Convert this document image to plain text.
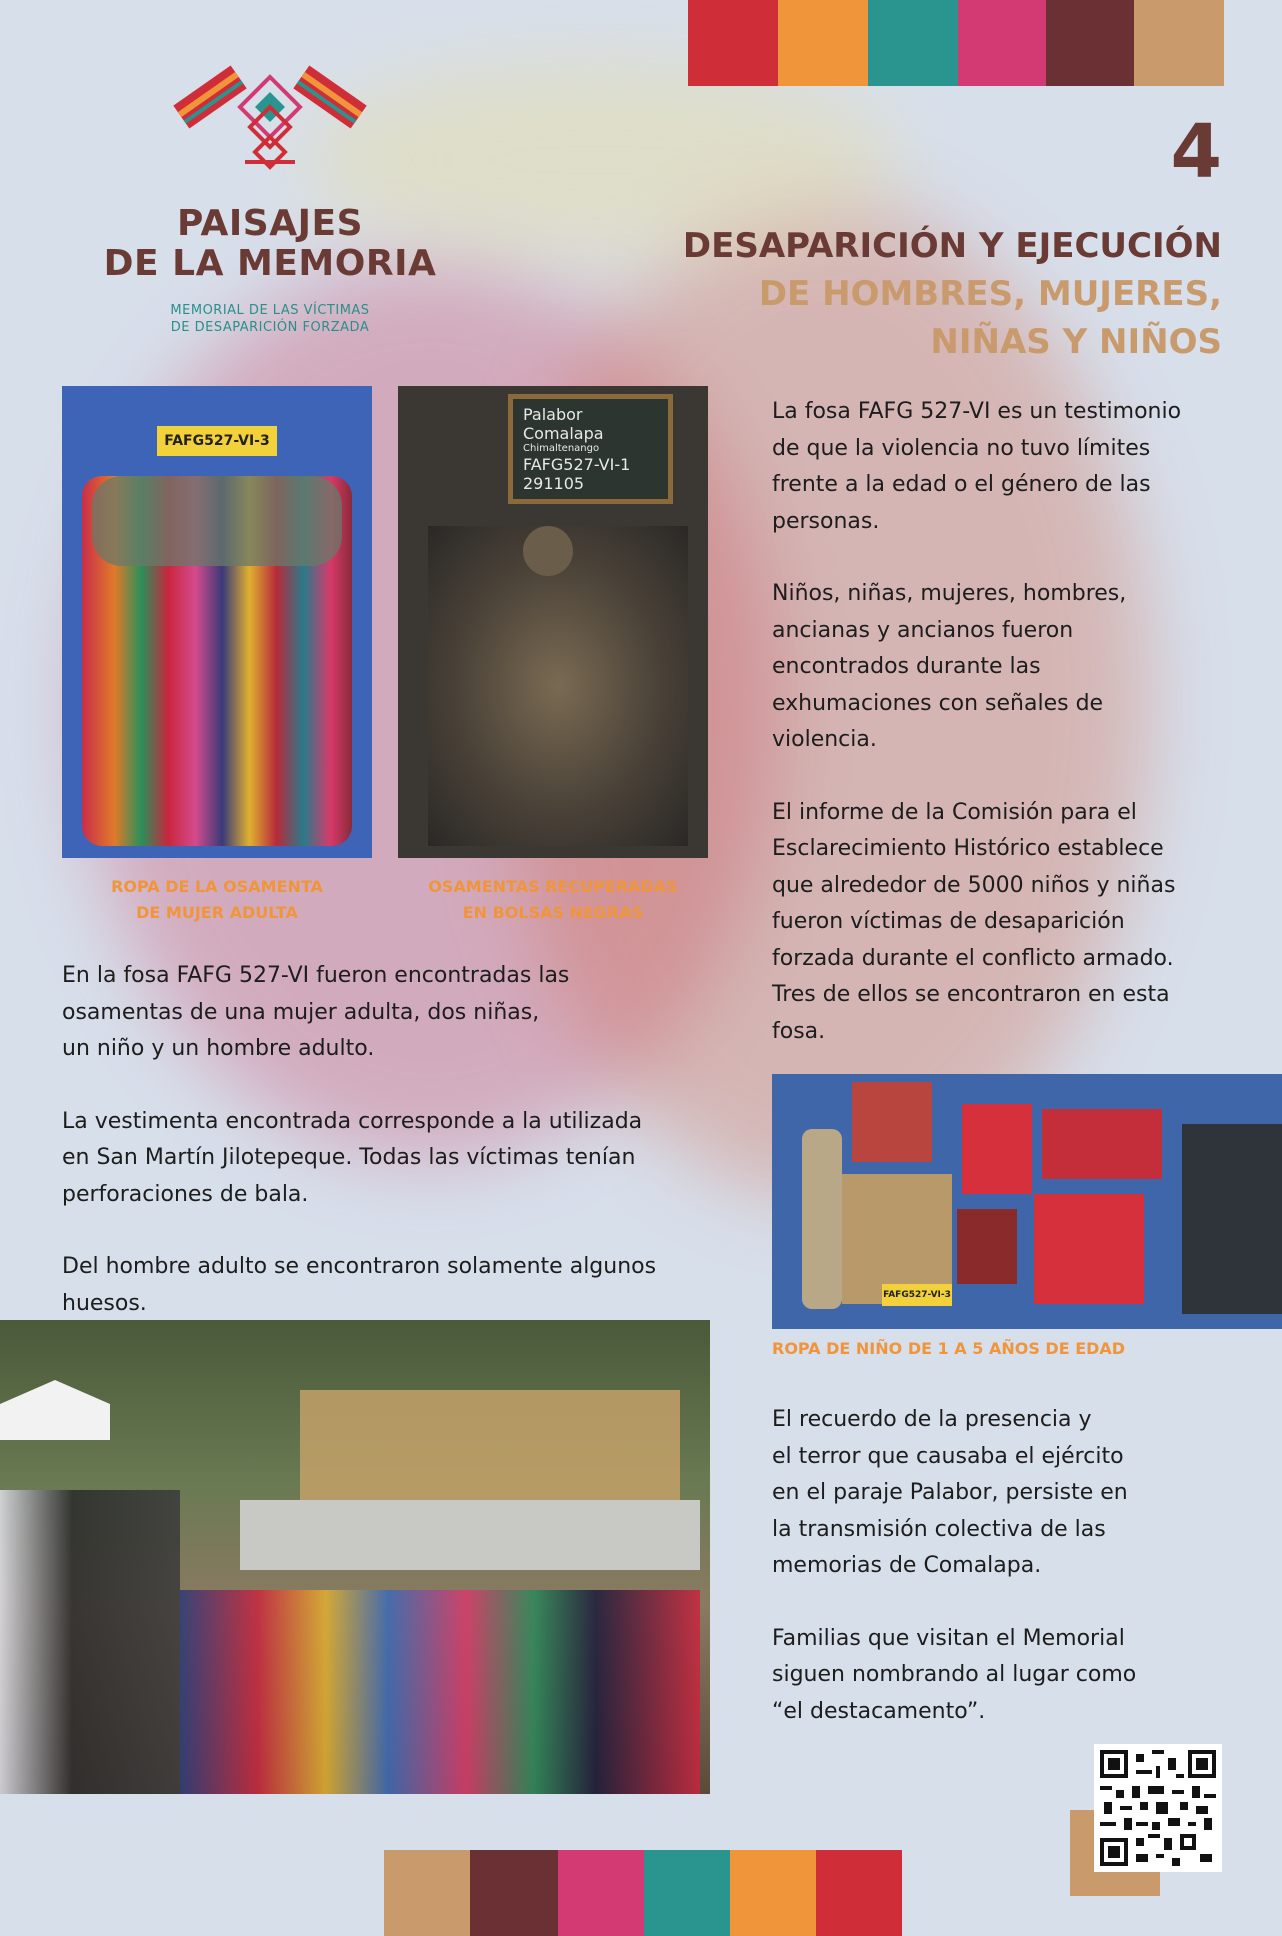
PAISAJES
DE LA MEMORIA
MEMORIAL DE LAS VÍCTIMAS
DE DESAPARICIÓN FORZADA
4
DESAPARICIÓN Y EJECUCIÓN
DE HOMBRES, MUJERES,
NIÑAS Y NIÑOS
FAFG527-VI-3
Palabor
Comalapa
Chimaltenango
FAFG527-VI-1
291105
ROPA DE LA OSAMENTA
DE MUJER ADULTA
OSAMENTAS RECUPERADAS
EN BOLSAS NEGRAS

En la fosa FAFG 527-VI fueron encontradas las
osamentas de una mujer adulta, dos niñas,
un niño y un hombre adulto.

La vestimenta encontrada corresponde a la utilizada
en San Martín Jilotepeque. Todas las víctimas tenían
perforaciones de bala.

Del hombre adulto se encontraron solamente algunos
huesos.

La fosa FAFG 527-VI es un testimonio
de que la violencia no tuvo límites
frente a la edad o el género de las
personas.

Niños, niñas, mujeres, hombres,
ancianas y ancianos fueron
encontrados durante las
exhumaciones con señales de
violencia.

El informe de la Comisión para el
Esclarecimiento Histórico establece
que alrededor de 5000 niños y niñas
fueron víctimas de desaparición
forzada durante el conflicto armado.
Tres de ellos se encontraron en esta
fosa.

FAFG527-VI-3
ROPA DE NIÑO DE 1 A 5 AÑOS DE EDAD

El recuerdo de la presencia y
el terror que causaba el ejército
en el paraje Palabor, persiste en
la transmisión colectiva de las
memorias de Comalapa.

Familias que visitan el Memorial
siguen nombrando al lugar como
“el destacamento”.
